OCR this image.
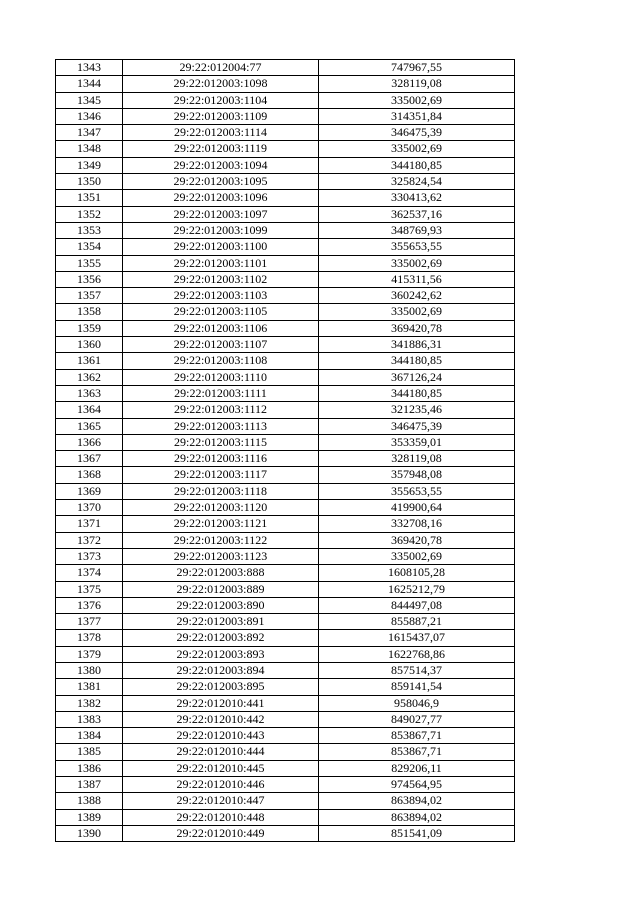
1343	29:22:012004:77	747967,55
1344	29:22:012003:1098	328119,08
1345	29:22:012003:1104	335002,69
1346	29:22:012003:1109	314351,84
1347	29:22:012003:1114	346475,39
1348	29:22:012003:1119	335002,69
1349	29:22:012003:1094	344180,85
1350	29:22:012003:1095	325824,54
1351	29:22:012003:1096	330413,62
1352	29:22:012003:1097	362537,16
1353	29:22:012003:1099	348769,93
1354	29:22:012003:1100	355653,55
1355	29:22:012003:1101	335002,69
1356	29:22:012003:1102	415311,56
1357	29:22:012003:1103	360242,62
1358	29:22:012003:1105	335002,69
1359	29:22:012003:1106	369420,78
1360	29:22:012003:1107	341886,31
1361	29:22:012003:1108	344180,85
1362	29:22:012003:1110	367126,24
1363	29:22:012003:1111	344180,85
1364	29:22:012003:1112	321235,46
1365	29:22:012003:1113	346475,39
1366	29:22:012003:1115	353359,01
1367	29:22:012003:1116	328119,08
1368	29:22:012003:1117	357948,08
1369	29:22:012003:1118	355653,55
1370	29:22:012003:1120	419900,64
1371	29:22:012003:1121	332708,16
1372	29:22:012003:1122	369420,78
1373	29:22:012003:1123	335002,69
1374	29:22:012003:888	1608105,28
1375	29:22:012003:889	1625212,79
1376	29:22:012003:890	844497,08
1377	29:22:012003:891	855887,21
1378	29:22:012003:892	1615437,07
1379	29:22:012003:893	1622768,86
1380	29:22:012003:894	857514,37
1381	29:22:012003:895	859141,54
1382	29:22:012010:441	958046,9
1383	29:22:012010:442	849027,77
1384	29:22:012010:443	853867,71
1385	29:22:012010:444	853867,71
1386	29:22:012010:445	829206,11
1387	29:22:012010:446	974564,95
1388	29:22:012010:447	863894,02
1389	29:22:012010:448	863894,02
1390	29:22:012010:449	851541,09
